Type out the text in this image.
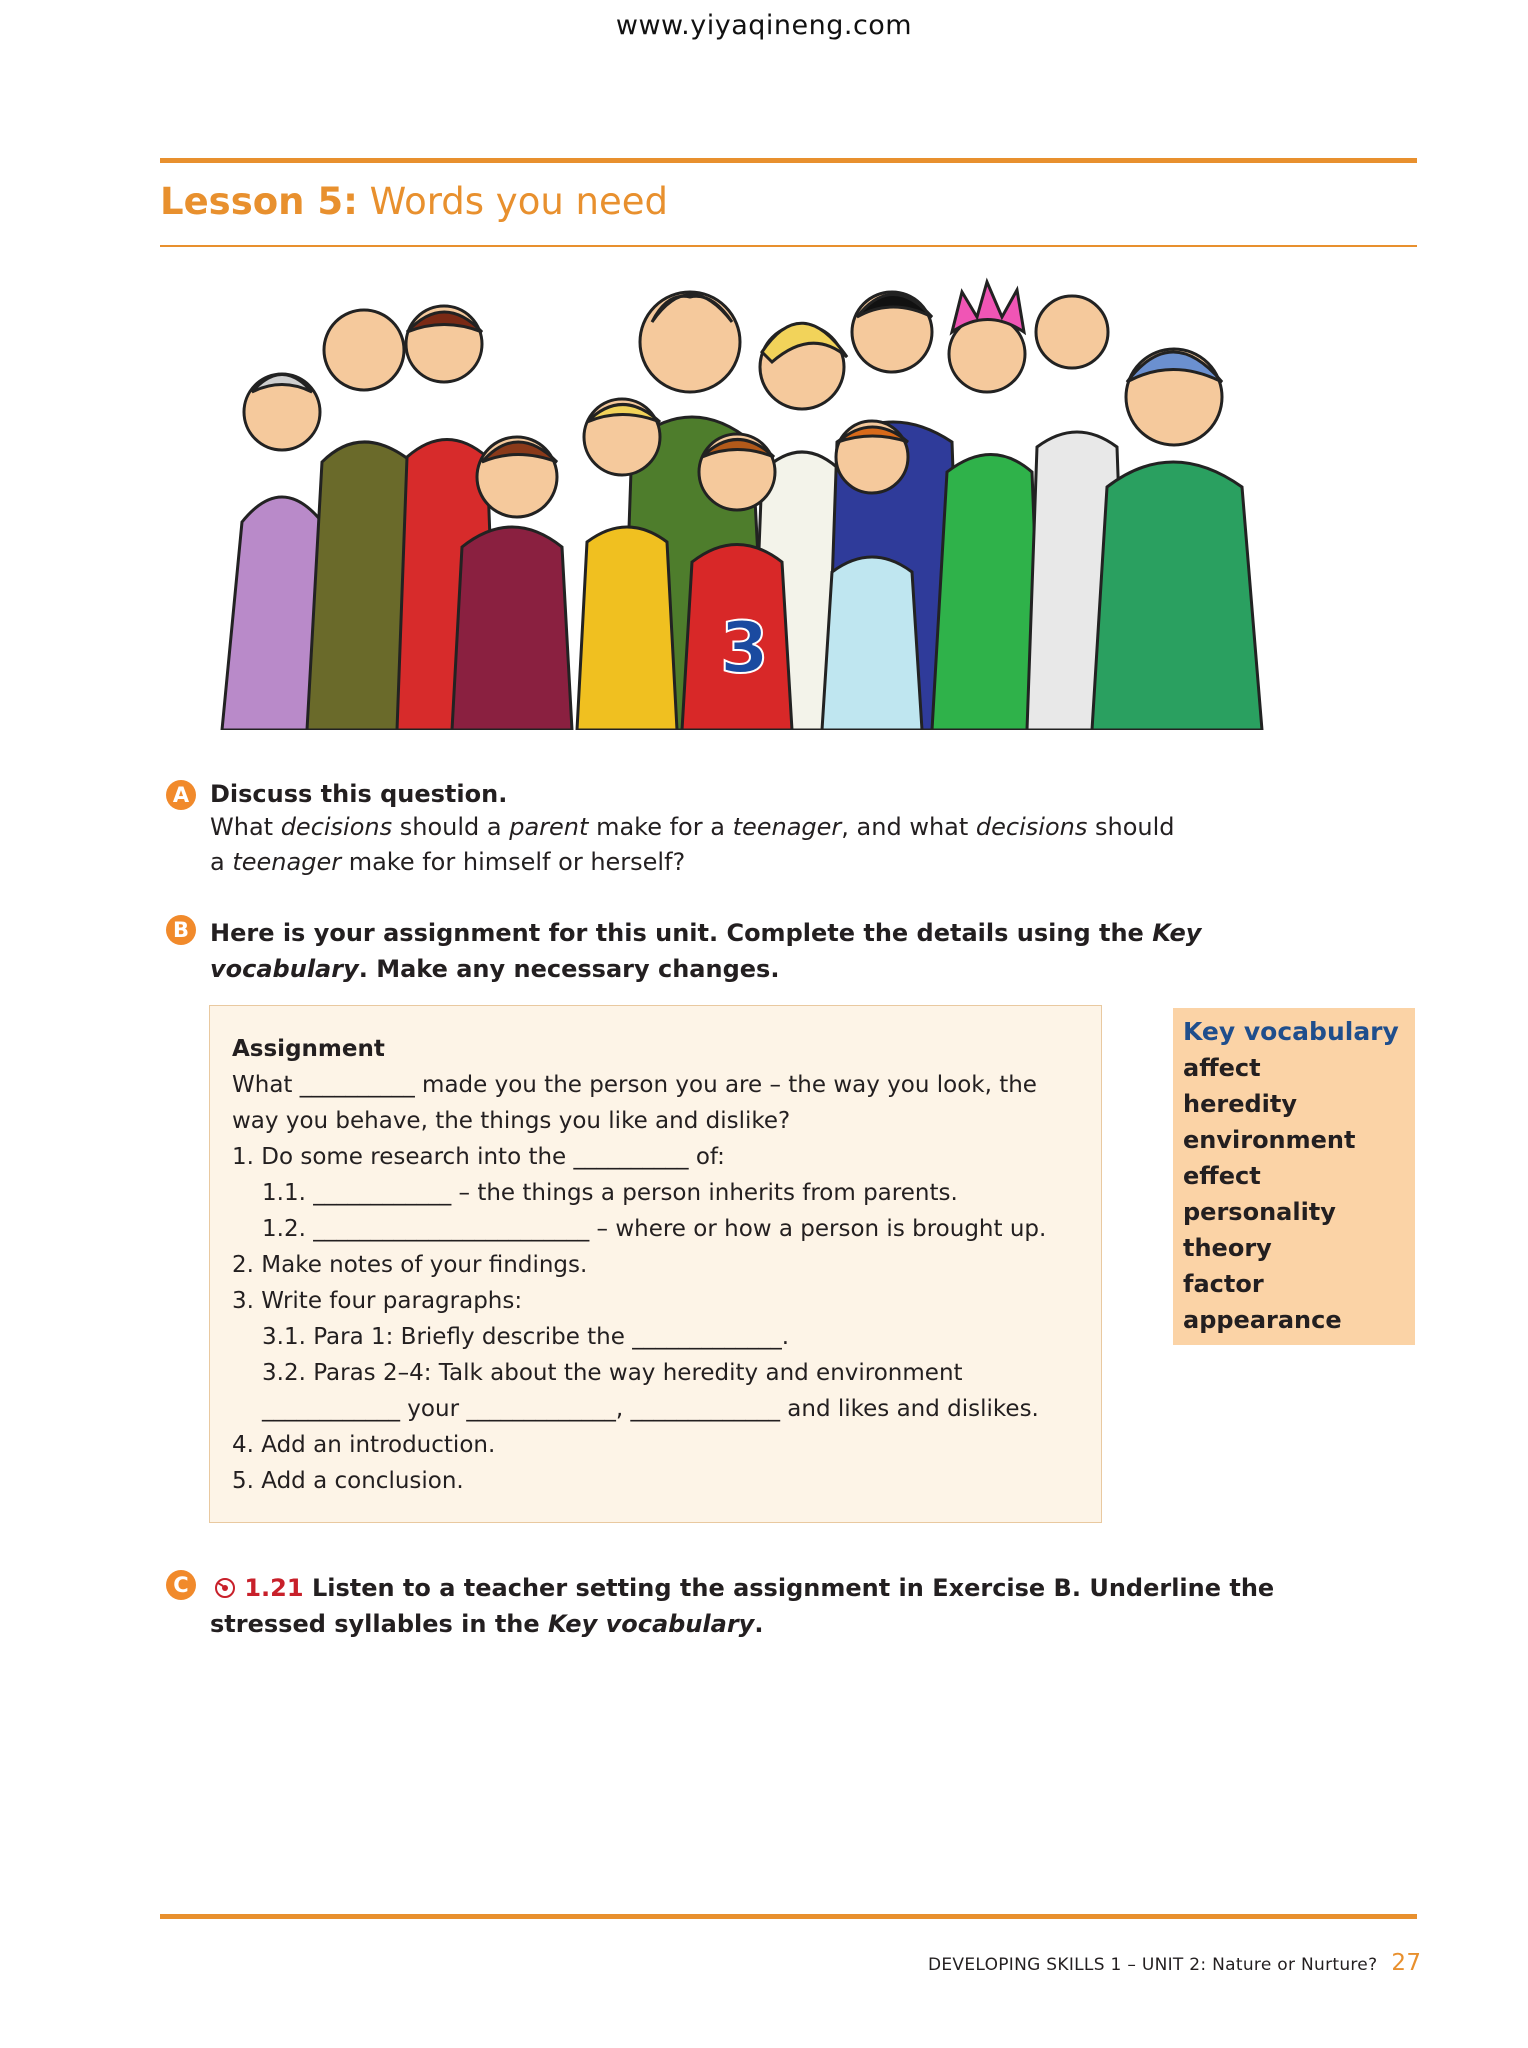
www.yiyaqineng.com
Lesson 5: Words you need
3
A Discuss this question.
What decisions should a parent make for a teenager, and what decisions should
a teenager make for himself or herself?
B Here is your assignment for this unit. Complete the details using the Key
vocabulary. Make any necessary changes.
Assignment
What __________ made you the person you are – the way you look, the
way you behave, the things you like and dislike?
1. Do some research into the __________ of:
1.1. ____________ – the things a person inherits from parents.
1.2. ________________________ – where or how a person is brought up.
2. Make notes of your findings.
3. Write four paragraphs:
3.1. Para 1: Briefly describe the _____________.
3.2. Paras 2–4: Talk about the way heredity and environment
____________ your _____________, _____________ and likes and dislikes.
4. Add an introduction.
5. Add a conclusion.
Key vocabulary
affect
heredity
environment
effect
personality
theory
factor
appearance
C	1.21 Listen to a teacher setting the assignment in Exercise B. Underline the
stressed syllables in the Key vocabulary.
DEVELOPING SKILLS 1 – UNIT 2: Nature or Nurture? 27
